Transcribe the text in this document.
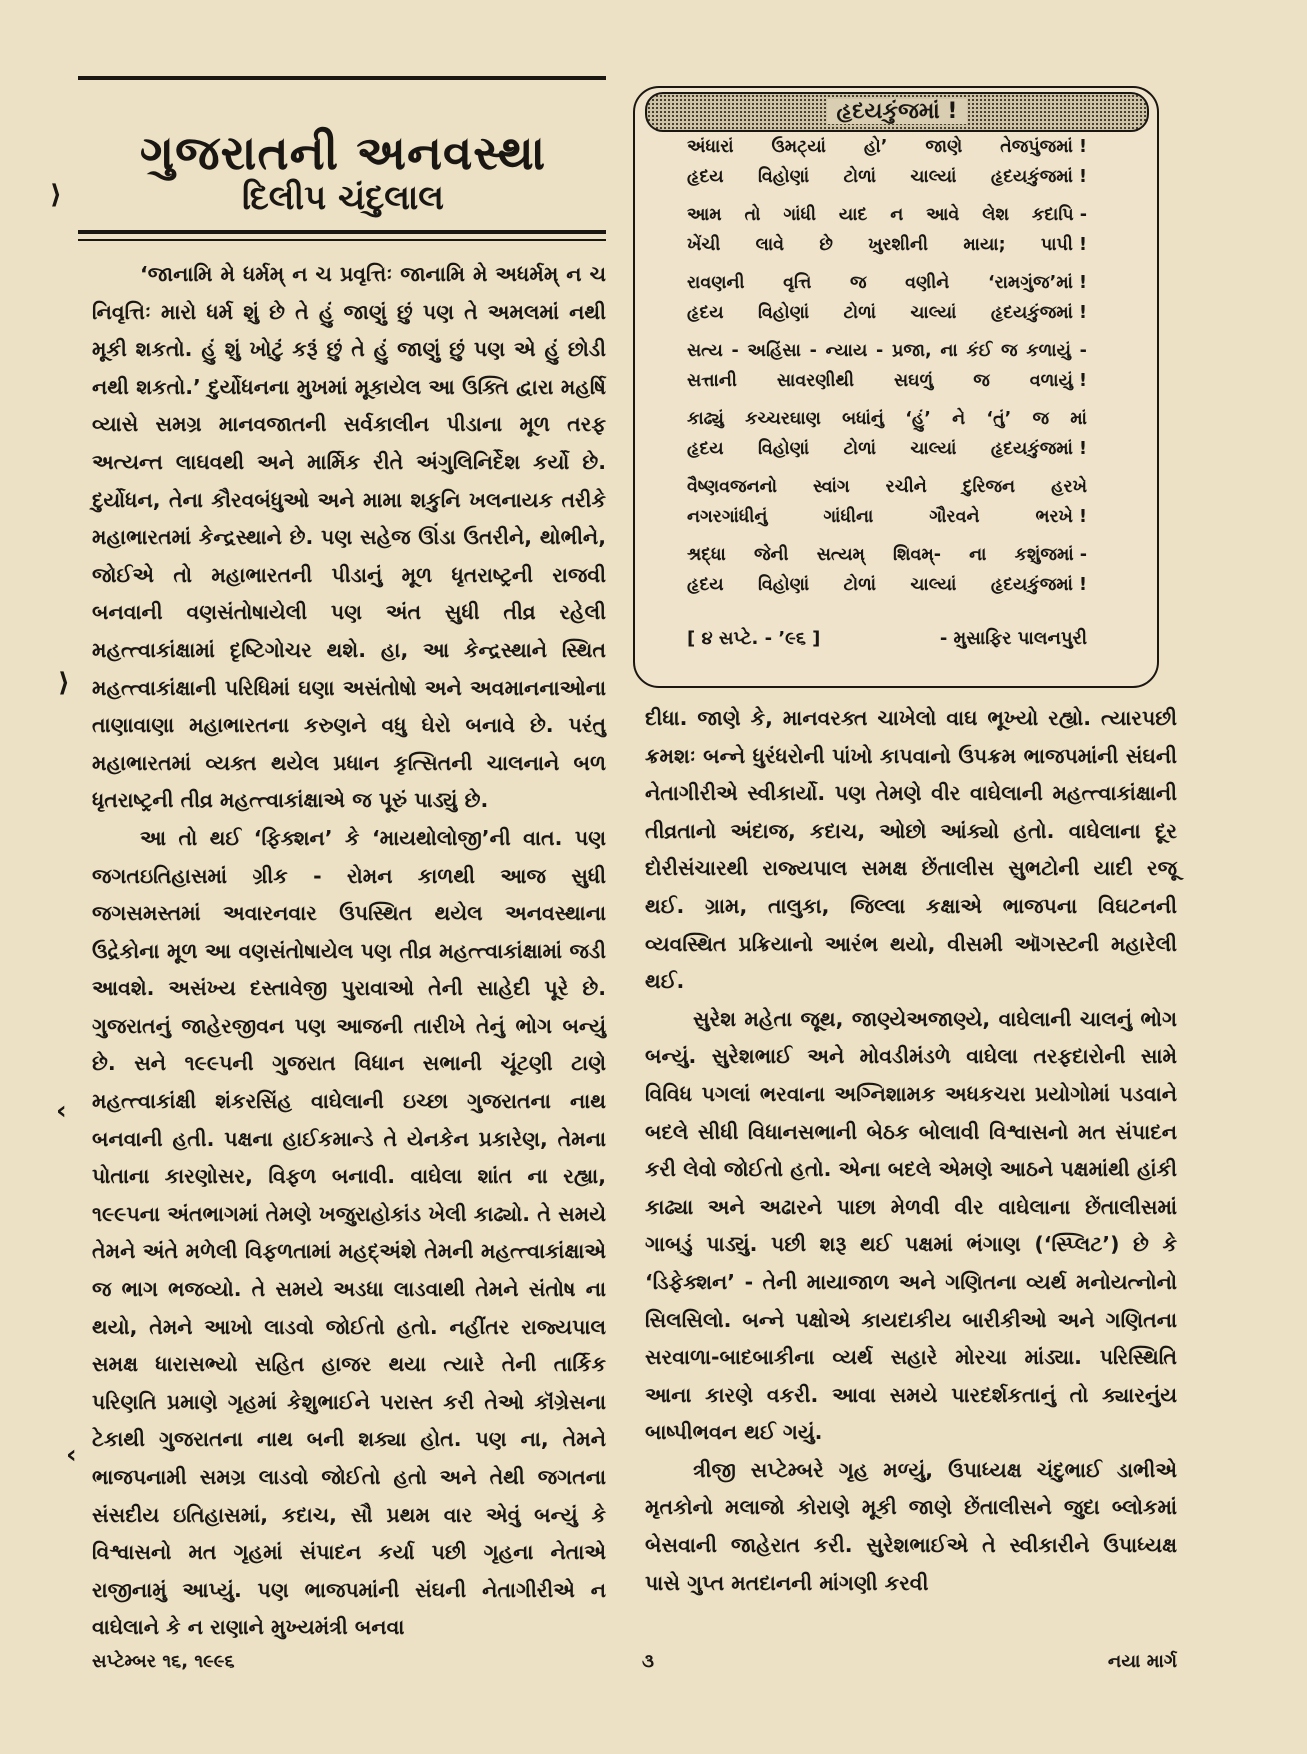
ગુજરાતની અનવસ્થા
દિલીપ ચંદુલાલ
⟩
⟩
‹
‹

‘જાનામિ મે ધર્મમ્ ન ચ પ્રવૃત્તિઃ જાનામિ મે અધર્મમ્ ન ચ નિવૃત્તિઃ મારો ધર્મ શું છે તે હું જાણું છું પણ તે અમલમાં નથી મૂકી શકતો. હું શું ખોટું કરૂં છું તે હું જાણું છું પણ એ હું છોડી નથી શકતો.’ દુર્યોધનના મુખમાં મૂકાયેલ આ ઉક્તિ દ્વારા મહર્ષિ વ્યાસે સમગ્ર માનવજાતની સર્વકાલીન પીડાના મૂળ તરફ અત્યન્ત લાઘવથી અને માર્મિક રીતે અંગુલિનિર્દેશ કર્યો છે. દુર્યોધન, તેના કૌરવબંધુઓ અને મામા શકુનિ ખલનાયક તરીકે મહાભારતમાં કેન્દ્રસ્થાને છે. પણ સહેજ ઊંડા ઉતરીને, થોભીને, જોઈએ તો મહાભારતની પીડાનું મૂળ ધૃતરાષ્ટ્રની રાજવી બનવાની વણસંતોષાયેલી પણ અંત સુધી તીવ્ર રહેલી મહત્ત્વાકાંક્ષામાં દૃષ્ટિગોચર થશે. હા, આ કેન્દ્રસ્થાને સ્થિત મહત્ત્વાકાંક્ષાની પરિધિમાં ઘણા અસંતોષો અને અવમાનનાઓના તાણાવાણા મહાભારતના કરુણને વધુ ઘેરો બનાવે છે. પરંતુ મહાભારતમાં વ્યક્ત થયેલ પ્રધાન કૃત્સિતની ચાલનાને બળ ધૃતરાષ્ટ્રની તીવ્ર મહત્ત્વાકાંક્ષાએ જ પૂરું પાડ્યું છે.

આ તો થઈ ‘ફિક્શન’ કે ‘માયથોલોજી’ની વાત. પણ જગતઇતિહાસમાં ગ્રીક - રોમન કાળથી આજ સુધી જગસમસ્તમાં અવારનવાર ઉપસ્થિત થયેલ અનવસ્થાના ઉદ્રેકોના મૂળ આ વણસંતોષાયેલ પણ તીવ્ર મહત્ત્વાકાંક્ષામાં જડી આવશે. અસંખ્ય દસ્તાવેજી પુરાવાઓ તેની સાહેદી પૂરે છે. ગુજરાતનું જાહેરજીવન પણ આજની તારીખે તેનું ભોગ બન્યું છે. સને ૧૯૯૫ની ગુજરાત વિધાન સભાની ચૂંટણી ટાણે મહત્ત્વાકાંક્ષી શંકરસિંહ વાઘેલાની ઇચ્છા ગુજરાતના નાથ બનવાની હતી. પક્ષના હાઈકમાન્ડે તે યેનકેન પ્રકારેણ, તેમના પોતાના કારણોસર, વિફળ બનાવી. વાઘેલા શાંત ના રહ્યા, ૧૯૯૫ના અંતભાગમાં તેમણે ખજુરાહોકાંડ ખેલી કાઢ્યો. તે સમયે તેમને અંતે મળેલી વિફળતામાં મહદ્અંશે તેમની મહત્ત્વાકાંક્ષાએ જ ભાગ ભજવ્યો. તે સમયે અડધા લાડવાથી તેમને સંતોષ ના થયો, તેમને આખો લાડવો જોઈતો હતો. નહીંતર રાજ્યપાલ સમક્ષ ધારાસભ્યો સહિત હાજર થયા ત્યારે તેની તાર્કિક પરિણતિ પ્રમાણે ગૃહમાં કેશુભાઈને પરાસ્ત કરી તેઓ કૉંગ્રેસના ટેકાથી ગુજરાતના નાથ બની શક્યા હોત. પણ ના, તેમને ભાજપનામી સમગ્ર લાડવો જોઈતો હતો અને તેથી જગતના સંસદીય ઇતિહાસમાં, કદાચ, સૌ પ્રથમ વાર એવું બન્યું કે વિશ્વાસનો મત ગૃહમાં સંપાદન કર્યા પછી ગૃહના નેતાએ રાજીનામું આપ્યું. પણ ભાજપમાંની સંઘની નેતાગીરીએ ન વાઘેલાને કે ન રાણાને મુખ્યમંત્રી બનવા

હૃદયકુંજમાં !
અંધારાં ઉમટ્યાં હો’ જાણે તેજપુંજમાં !
હૃદય વિહોણાં ટોળાં ચાલ્યાં હૃદયકુંજમાં !
આમ તો ગાંધી યાદ ન આવે લેશ કદાપિ -
ખેંચી લાવે છે ખુરશીની માયા; પાપી !
રાવણની વૃત્તિ જ વણીને ‘રામગુંજ’માં !
હૃદય વિહોણાં ટોળાં ચાલ્યાં હૃદયકુંજમાં !
સત્ય - અહિંસા - ન્યાય - પ્રજા, ના કંઈ જ કળાયું -
સત્તાની સાવરણીથી સઘળું જ વળાયું !
કાઢ્યું કચ્ચરઘાણ બધાંનું ‘હું’ ને ‘તું’ જ માં
હૃદય વિહોણાં ટોળાં ચાલ્યાં હૃદયકુંજમાં !
વૈષ્ણવજનનો સ્વાંગ રચીને દુરિજન હરખે
નગરગાંધીનું	ગાંધીના	ગૌરવને	ભરખે !
શ્રદ્ધા જેની સત્યમ્ શિવમ્- ના કશુંજમાં -
હૃદય વિહોણાં ટોળાં ચાલ્યાં હૃદયકુંજમાં !
[ ૪ સપ્ટે. - ’૯૬ ]	- મુસાફિર પાલનપુરી

દીધા. જાણે કે, માનવરક્ત ચાખેલો વાઘ ભૂખ્યો રહ્યો. ત્યારપછી ક્રમશઃ બન્ને ધુરંધરોની પાંખો કાપવાનો ઉપક્રમ ભાજપમાંની સંઘની નેતાગીરીએ સ્વીકાર્યો. પણ તેમણે વીર વાઘેલાની મહત્ત્વાકાંક્ષાની તીવ્રતાનો અંદાજ, કદાચ, ઓછો આંક્યો હતો. વાઘેલાના દૂર દોરીસંચારથી રાજ્યપાલ સમક્ષ છેંતાલીસ સુભટોની યાદી રજૂ થઈ. ગ્રામ, તાલુકા, જિલ્લા કક્ષાએ ભાજપના વિઘટનની વ્યવસ્થિત પ્રક્રિયાનો આરંભ થયો, વીસમી ઑગસ્ટની મહારેલી થઈ.

સુરેશ મહેતા જૂથ, જાણ્યેઅજાણ્યે, વાઘેલાની ચાલનું ભોગ બન્યું. સુરેશભાઈ અને મોવડીમંડળે વાઘેલા તરફદારોની સામે વિવિધ પગલાં ભરવાના અગ્નિશામક અધકચરા પ્રયોગોમાં પડવાને બદલે સીધી વિધાનસભાની બેઠક બોલાવી વિશ્વાસનો મત સંપાદન કરી લેવો જોઈતો હતો. એના બદલે એમણે આઠને પક્ષમાંથી હાંકી કાઢ્યા અને અઢારને પાછા મેળવી વીર વાઘેલાના છેંતાલીસમાં ગાબડું પાડ્યું. પછી શરૂ થઈ પક્ષમાં ભંગાણ (‘સ્પ્લિટ’) છે કે ‘ડિફેક્શન’ - તેની માયાજાળ અને ગણિતના વ્યર્થ મનોયત્નોનો સિલસિલો. બન્ને પક્ષોએ કાયદાકીય બારીકીઓ અને ગણિતના સરવાળા-બાદબાકીના વ્યર્થ સહારે મોરચા માંડ્યા. પરિસ્થિતિ આના કારણે વકરી. આવા સમયે પારદર્શકતાનું તો ક્યારનુંય બાષ્પીભવન થઈ ગયું.

ત્રીજી સપ્ટેમ્બરે ગૃહ મળ્યું, ઉપાધ્યક્ષ ચંદુભાઈ ડાભીએ મૃતકોનો મલાજો કોરાણે મૂકી જાણે છેંતાલીસને જુદા બ્લોકમાં બેસવાની જાહેરાત કરી. સુરેશભાઈએ તે સ્વીકારીને ઉપાધ્યક્ષ પાસે ગુપ્ત મતદાનની માંગણી કરવી

સપ્ટેમ્બર ૧૬, ૧૯૯૬	૩	નયા માર્ગ
